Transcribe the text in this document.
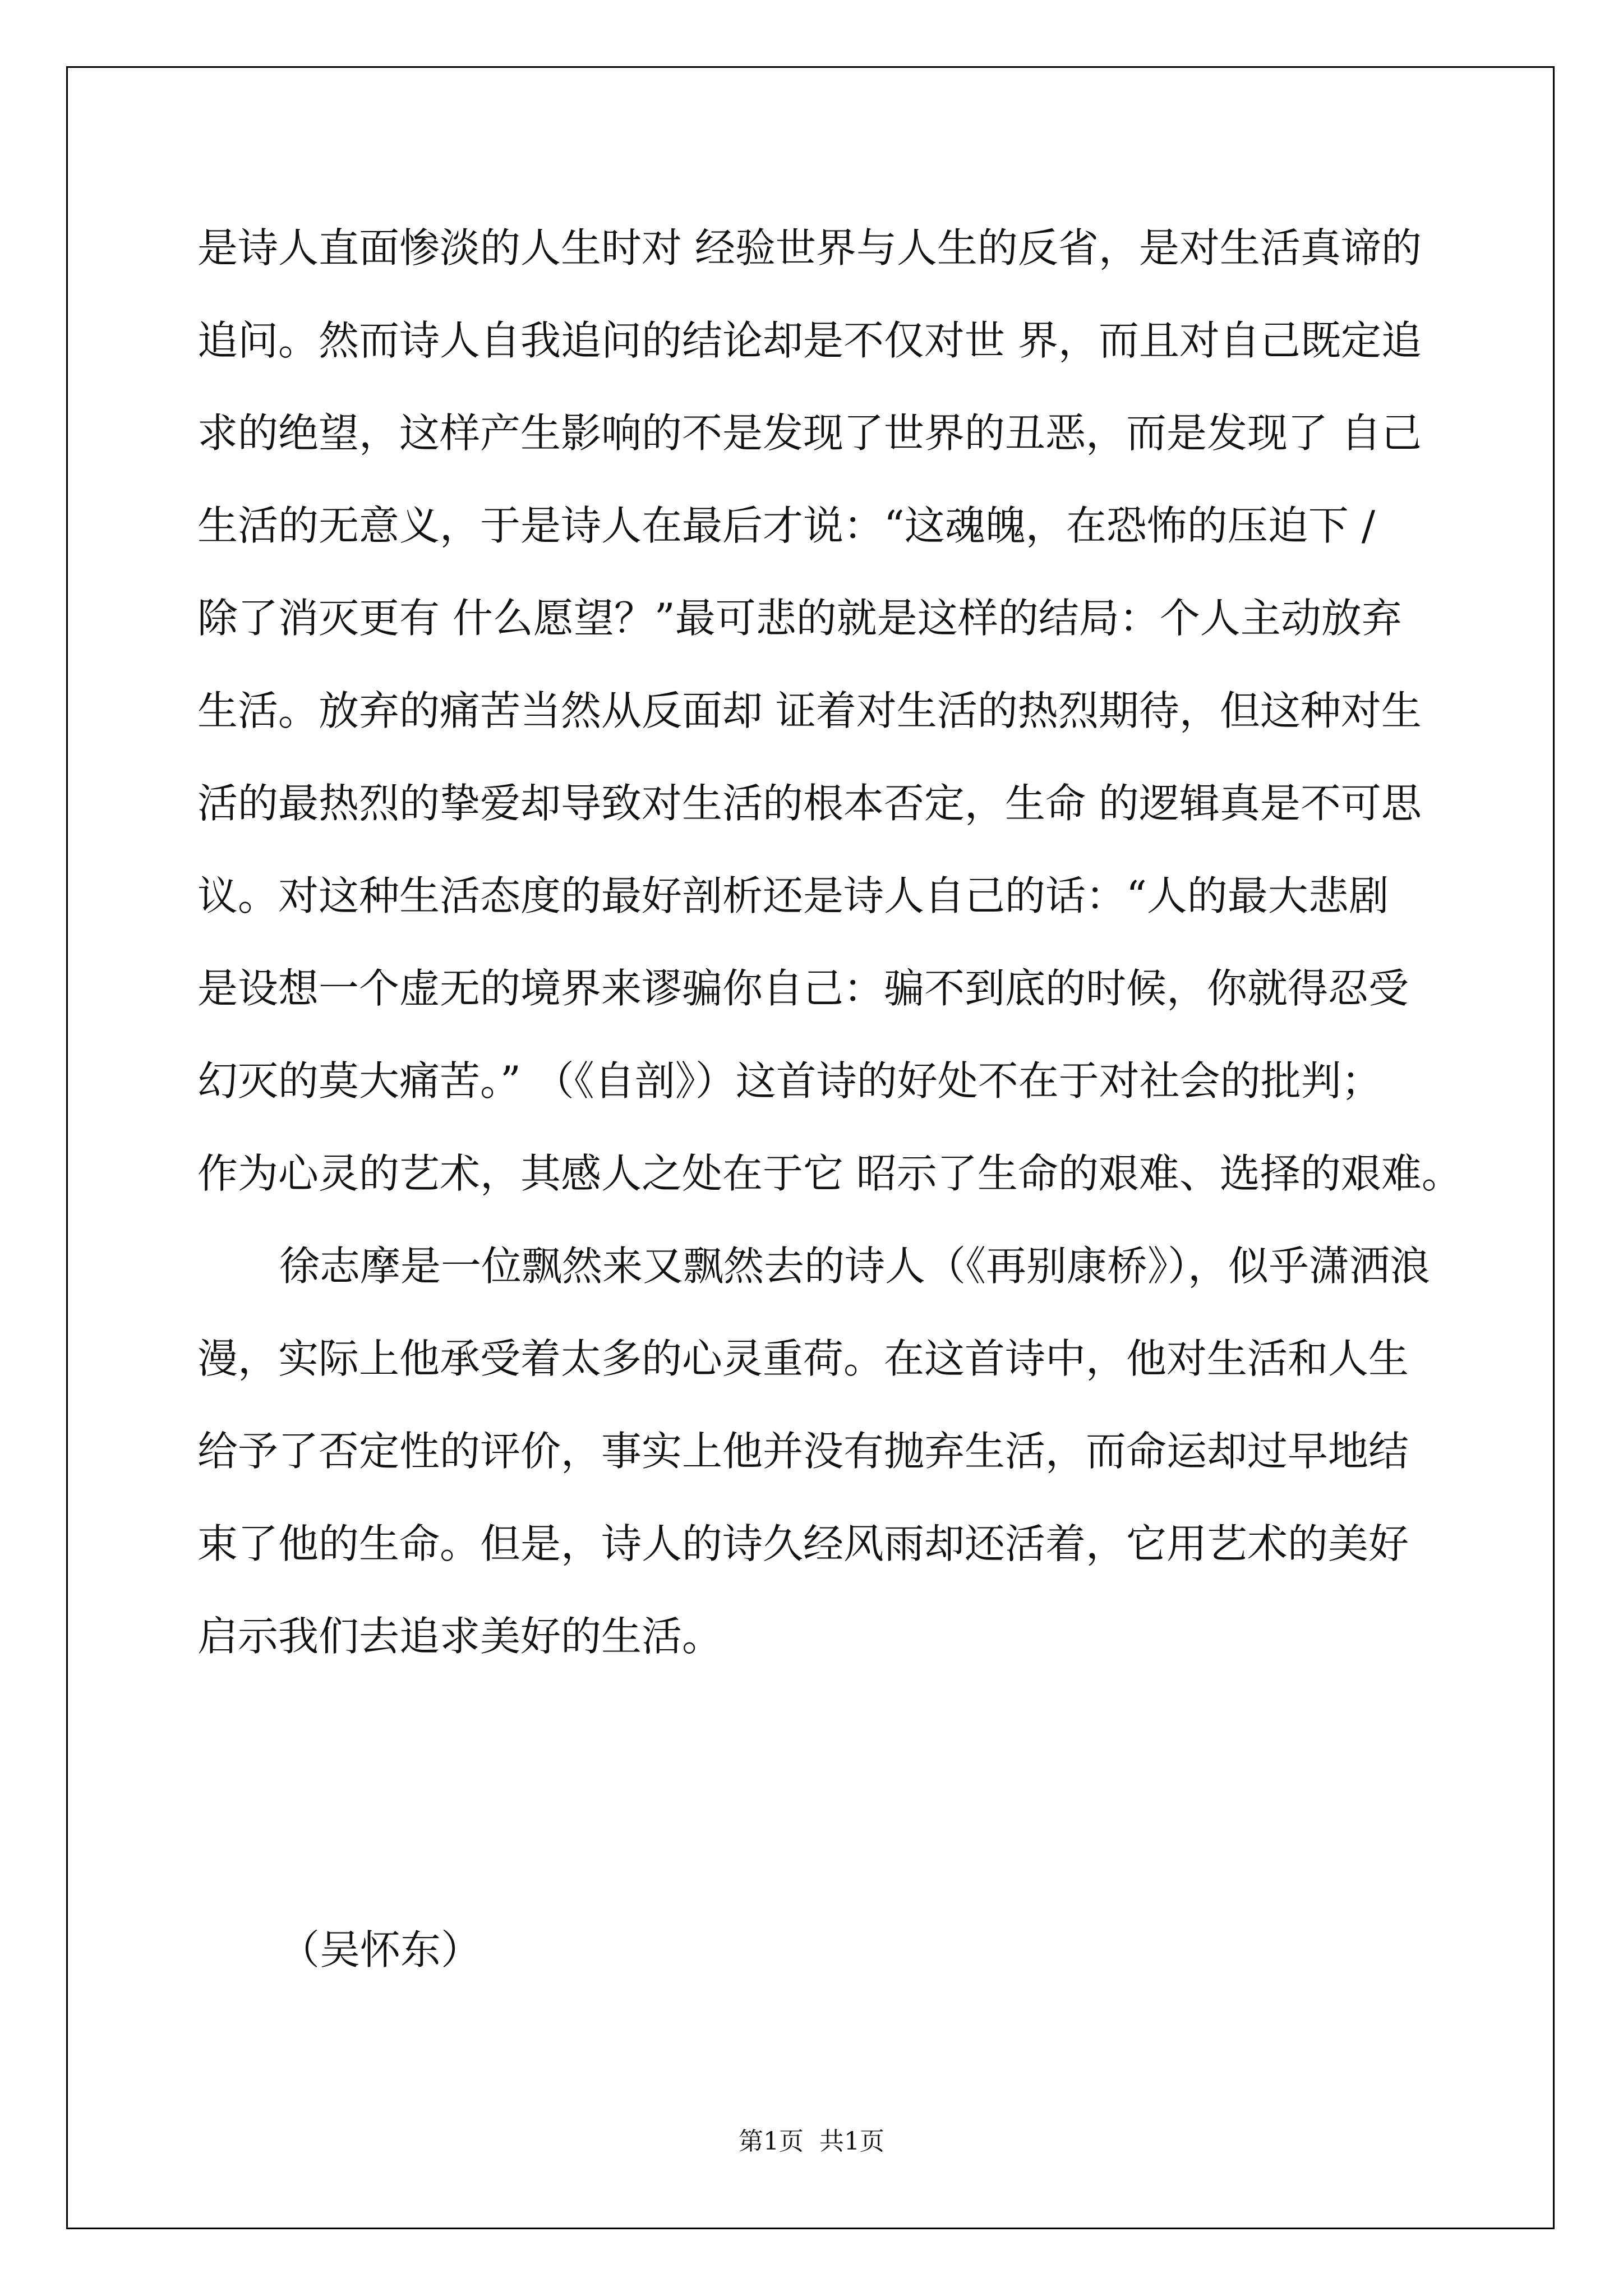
是诗人直面惨淡的人生时对 经验世界与人生的反省，是对生活真谛的
追问。然而诗人自我追问的结论却是不仅对世 界，而且对自己既定追
求的绝望，这样产生影响的不是发现了世界的丑恶，而是发现了 自己
生活的无意义，于是诗人在最后才说：“这魂魄，在恐怖的压迫下 /
除了消灭更有 什么愿望？”最可悲的就是这样的结局：个人主动放弃
生活。放弃的痛苦当然从反面却 证着对生活的热烈期待，但这种对生
活的最热烈的挚爱却导致对生活的根本否定，生命 的逻辑真是不可思
议。对这种生活态度的最好剖析还是诗人自己的话：“人的最大悲剧
是设想一个虚无的境界来谬骗你自己：骗不到底的时候，你就得忍受
幻灭的莫大痛苦。” （《自剖》）这首诗的好处不在于对社会的批判；
作为心灵的艺术，其感人之处在于它 昭示了生命的艰难、选择的艰难。
徐志摩是一位飘然来又飘然去的诗人（《再别康桥》），似乎潇洒浪
漫，实际上他承受着太多的心灵重荷。在这首诗中，他对生活和人生
给予了否定性的评价，事实上他并没有抛弃生活，而命运却过早地结
束了他的生命。但是，诗人的诗久经风雨却还活着，它用艺术的美好
启示我们去追求美好的生活。
（吴怀东）
第1页 共1页
